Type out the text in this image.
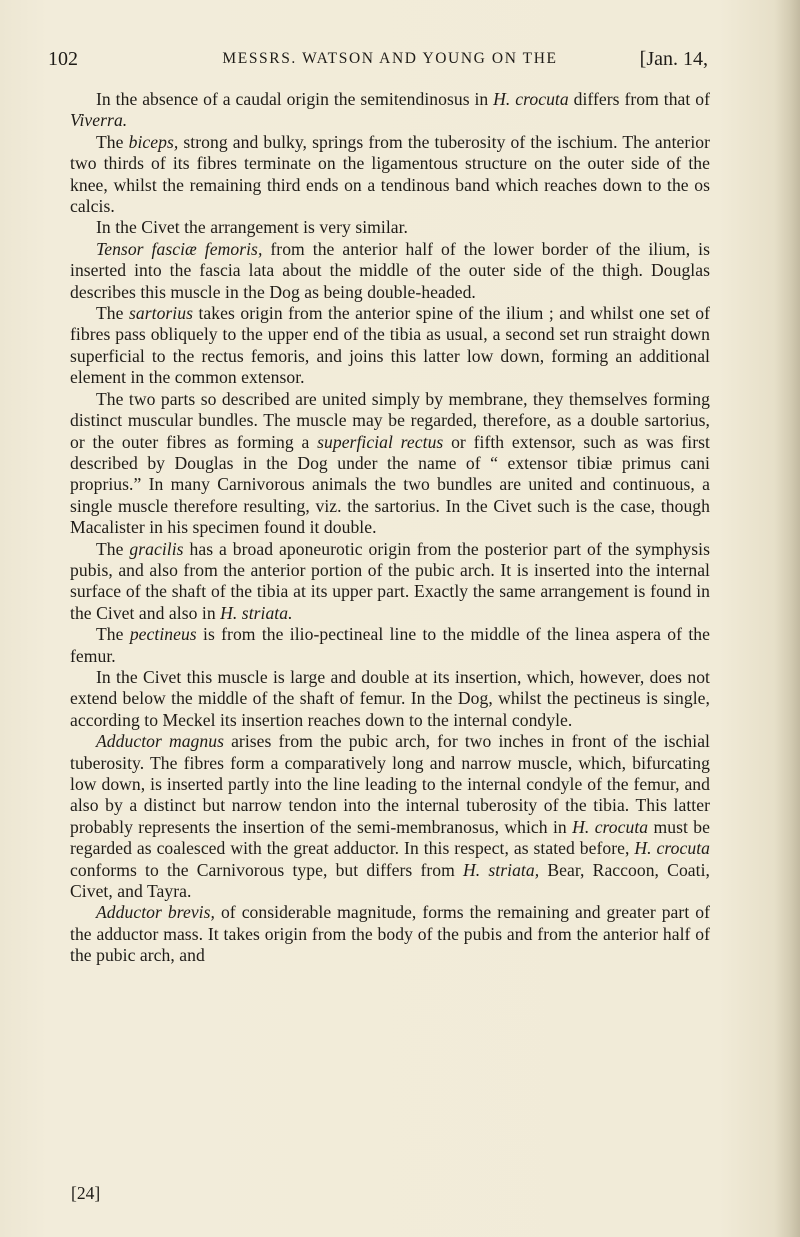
102	MESSRS. WATSON AND YOUNG ON THE	[Jan. 14,

In the absence of a caudal origin the semitendinosus in H. crocuta differs from that of Viverra.

The biceps, strong and bulky, springs from the tuberosity of the ischium. The anterior two thirds of its fibres terminate on the ligamentous structure on the outer side of the knee, whilst the remaining third ends on a tendinous band which reaches down to the os calcis.

In the Civet the arrangement is very similar.

Tensor fasciæ femoris, from the anterior half of the lower border of the ilium, is inserted into the fascia lata about the middle of the outer side of the thigh. Douglas describes this muscle in the Dog as being double-headed.

The sartorius takes origin from the anterior spine of the ilium ; and whilst one set of fibres pass obliquely to the upper end of the tibia as usual, a second set run straight down superficial to the rectus femoris, and joins this latter low down, forming an additional element in the common extensor.

The two parts so described are united simply by membrane, they themselves forming distinct muscular bundles. The muscle may be regarded, therefore, as a double sartorius, or the outer fibres as forming a superficial rectus or fifth extensor, such as was first described by Douglas in the Dog under the name of “ extensor tibiæ primus cani proprius.” In many Carnivorous animals the two bundles are united and continuous, a single muscle therefore resulting, viz. the sartorius. In the Civet such is the case, though Macalister in his specimen found it double.

The gracilis has a broad aponeurotic origin from the posterior part of the symphysis pubis, and also from the anterior portion of the pubic arch. It is inserted into the internal surface of the shaft of the tibia at its upper part. Exactly the same arrangement is found in the Civet and also in H. striata.

The pectineus is from the ilio-pectineal line to the middle of the linea aspera of the femur.

In the Civet this muscle is large and double at its insertion, which, however, does not extend below the middle of the shaft of femur. In the Dog, whilst the pectineus is single, according to Meckel its insertion reaches down to the internal condyle.

Adductor magnus arises from the pubic arch, for two inches in front of the ischial tuberosity. The fibres form a comparatively long and narrow muscle, which, bifurcating low down, is inserted partly into the line leading to the internal condyle of the femur, and also by a distinct but narrow tendon into the internal tuberosity of the tibia. This latter probably represents the insertion of the semi-membranosus, which in H. crocuta must be regarded as coalesced with the great adductor. In this respect, as stated before, H. crocuta conforms to the Carnivorous type, but differs from H. striata, Bear, Raccoon, Coati, Civet, and Tayra.

Adductor brevis, of considerable magnitude, forms the remaining and greater part of the adductor mass. It takes origin from the body of the pubis and from the anterior half of the pubic arch, and

[24]
